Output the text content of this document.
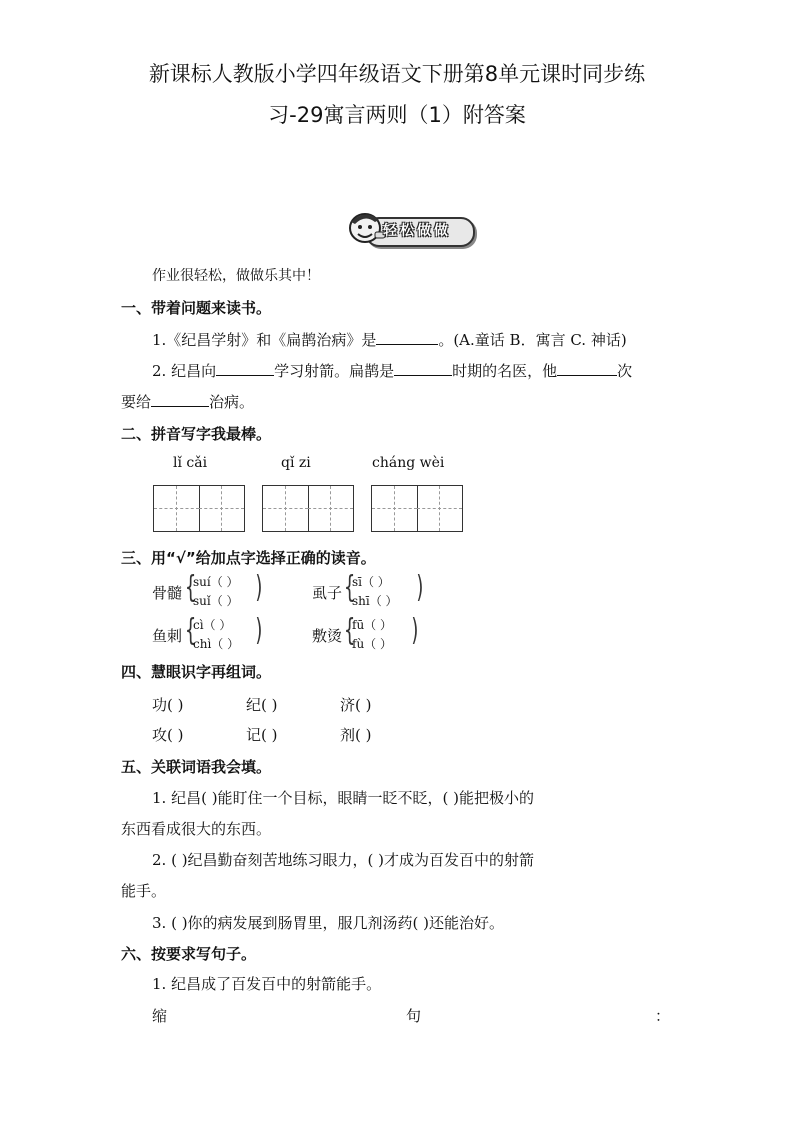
新课标人教版小学四年级语文下册第8单元课时同步练
习-29寓言两则（1）附答案
轻松做做
作业很轻松，做做乐其中！
一、带着问题来读书。
1.《纪昌学射》和《扁鹊治病》是	。(A.童话 B．寓言 C. 神话)
2. 纪昌向	学习射箭。扁鹊是	时期的名医，他	次
要给	治病。
二、拼音写字我最棒。
lǐ cǎi	qǐ zi	cháng wèi
三、用“√”给加点字选择正确的读音。
骨髓 {
suí（ ）
suǐ（ ） )	虱子 {
sī（ ）
shī（ ） )
鱼刺 {
cì（ ）
chì（ ） )	敷烫 {
fū（ ）
fù（ ） )
四、慧眼识字再组词。
功( )	纪( )	济( )
攻( )	记( )	剂( )
五、关联词语我会填。
1. 纪昌( )能盯住一个目标，眼睛一眨不眨，( )能把极小的
东西看成很大的东西。
2. ( )纪昌勤奋刻苦地练习眼力，( )才成为百发百中的射箭
能手。
3. ( )你的病发展到肠胃里，服几剂汤药( )还能治好。
六、按要求写句子。
1. 纪昌成了百发百中的射箭能手。
缩	句	：
